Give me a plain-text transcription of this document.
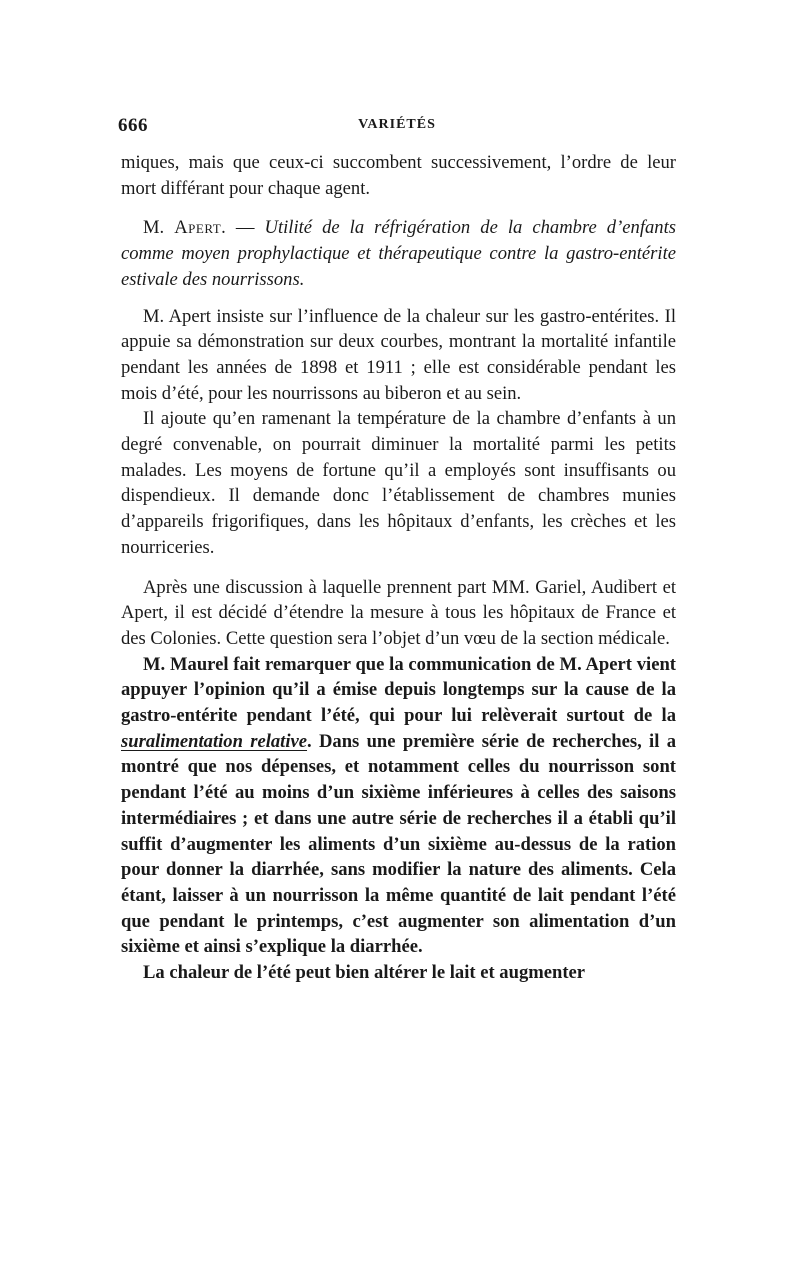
666	VARIÉTÉS

miques, mais que ceux-ci succombent successivement, l’ordre de leur mort différant pour chaque agent.

M. Apert. — Utilité de la réfrigération de la chambre d’enfants comme moyen prophylactique et thérapeutique contre la gastro-entérite estivale des nourrissons.

M. Apert insiste sur l’influence de la chaleur sur les gastro-entérites. Il appuie sa démonstration sur deux courbes, montrant la mortalité infantile pendant les années de 1898 et 1911 ; elle est considérable pendant les mois d’été, pour les nourrissons au biberon et au sein.

Il ajoute qu’en ramenant la température de la chambre d’enfants à un degré convenable, on pourrait diminuer la mortalité parmi les petits malades. Les moyens de fortune qu’il a employés sont insuffisants ou dispendieux. Il demande donc l’établissement de chambres munies d’appareils frigorifiques, dans les hôpitaux d’enfants, les crèches et les nourriceries.

Après une discussion à laquelle prennent part MM. Gariel, Audibert et Apert, il est décidé d’étendre la mesure à tous les hôpitaux de France et des Colonies. Cette question sera l’objet d’un vœu de la section médicale.

M. Maurel fait remarquer que la communication de M. Apert vient appuyer l’opinion qu’il a émise depuis longtemps sur la cause de la gastro-entérite pendant l’été, qui pour lui relèverait surtout de la suralimentation relative. Dans une première série de recherches, il a montré que nos dépenses, et notamment celles du nourrisson sont pendant l’été au moins d’un sixième inférieures à celles des saisons intermédiaires ; et dans une autre série de recherches il a établi qu’il suffit d’augmenter les aliments d’un sixième au-dessus de la ration pour donner la diarrhée, sans modifier la nature des aliments. Cela étant, laisser à un nourrisson la même quantité de lait pendant l’été que pendant le printemps, c’est augmenter son alimentation d’un sixième et ainsi s’explique la diarrhée.

La chaleur de l’été peut bien altérer le lait et augmenter
